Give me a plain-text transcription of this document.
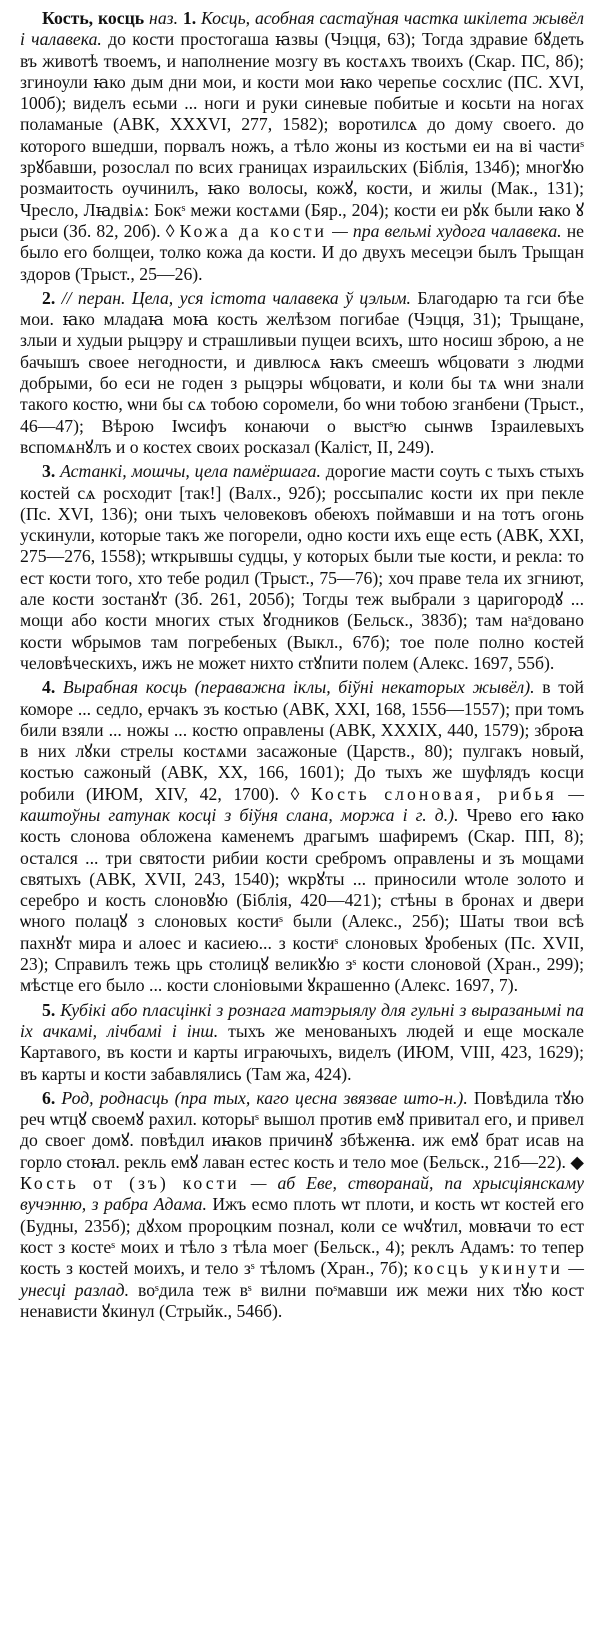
Кость, косць наз. 1. Косць, асобная састаўная частка шкілета жывёл і чалавека. до кости простогаша ꙗзвы (Чэцця, 63); Тогда здравие бꙋдеть въ животѣ твоемъ, и наполнение мозгу въ костѧхъ твоихъ (Скар. ПС, 8б); згиноули ꙗко дым дни мои, и кости мои ꙗко черепье сосхлис (ПС. XVI, 100б); виделъ есьми ... ноги и руки синевые побитые и косьти на ногах поламаные (АВК, XXXVI, 277, 1582); воротилсѧ до дому своего. до которого вшедши, порвалъ ножъ, а тѣло жоны из костьми еи на ві частиˢ зрꙋбавши, розослал по всих границах израильских (Біблія, 134б); многꙋю розмаитость оучинилъ, ꙗко волосы, кожꙋ, кости, и жилы (Мак., 131); Чресло, Лꙗдвіѧ: Бокˢ межи костѧми (Бяр., 204); кости еи рꙋк были ꙗко ꙋ рыси (Зб. 82, 20б). ◊ Кожа да кости — пра вельмі худога чалавека. не было его болщеи, толко кожа да кости. И до двухъ месецэи былъ Трыщан здоров (Трыст., 25—26).

2. // перан. Цела, уся істота чалавека ў цэлым. Благодарю та гси бѣе мои. ꙗко младаꙗ моꙗ кость желѣзом погибае (Чэцця, 31); Трыщане, злыи и худыи рыцэру и страшливыи пущеи всихъ, што носиш зброю, а не бачышъ своее негодности, и дивлюсѧ ꙗкъ смеешъ ѡбцовати з людми добрыми, бо еси не годен з рыцэры ѡбцовати, и коли бы тѧ ѡни знали такого костю, ѡни бы сѧ тобою соромели, бо ѡни тобою зганбени (Трыст., 46—47); Вѣрою Іѡсифъ конаючи о выстˢю сынѡв Ізраилевыхъ вспомѧнꙋлъ и о костех своих росказал (Каліст, II, 249).

3. Астанкі, мошчы, цела памёршага. дорогие масти соуть с тыхъ стыхъ костей сѧ росходит [так!] (Валх., 92б); россыпалис кости их при пекле (Пс. XVI, 136); они тыхъ человековъ обеюхъ поймавши и на тотъ огонь ускинули, которые такъ же погорели, одно кости ихъ еще есть (АВК, XXI, 275—276, 1558); ѡткрывшы судцы, у которых были тые кости, и рекла: то ест кости того, хто тебе родил (Трыст., 75—76); хоч праве тела их згниют, але кости зостанꙋт (Зб. 261, 205б); Тогды теж выбрали з царигородꙋ ... мощи або кости многих стых ꙋгодников (Бельск., 383б); там наˢдовано кости ѡбрымов там погребеных (Выкл., 67б); тое поле полно костей человѣческихъ, ижъ не может нихто стꙋпити полем (Алекс. 1697, 55б).

4. Вырабная косць (пераважна іклы, біўні некаторых жывёл). в той коморе ... седло, ерчакъ зъ костью (АВК, XXI, 168, 1556—1557); при томъ били взяли ... ножы ... костю оправлены (АВК, XXXIX, 440, 1579); зброꙗ в них лꙋки стрелы костѧми засажоные (Царств., 80); пулгакъ новый, костью сажоный (АВК, XX, 166, 1601); До тыхъ же шуфлядъ косци робили (ИЮМ, XIV, 42, 1700). ◊ Кость слоновая, рибья — каштоўны гатунак косці з біўня слана, моржа і г. д.). Чрево его ꙗко кость слонова обложена каменемъ драгымъ шафиремъ (Скар. ПП, 8); остался ... три святости рибии кости сребромъ оправлены и зъ мощами святыхъ (АВК, XVII, 243, 1540); ѡкрꙋты ... приносили ѡтоле золото и серебро и кость слоновꙋю (Біблія, 420—421); стѣны в бронах и двери ѡного полацꙋ з слоновых костиˢ были (Алекс., 25б); Шаты твои всѣ пахнꙋт мира и алоес и касиею... з костиˢ слоновых ꙋробеных (Пс. XVII, 23); Справилъ тежь црь столицꙋ великꙋю зˢ кости слоновой (Хран., 299); мѣстце его было ... кости слоніовыми ꙋкрашенно (Алекс. 1697, 7).

5. Кубікі або пласцінкі з рознага матэрыялу для гульні з выразанымі па іх ачкамі, лічбамі і інш. тыхъ же менованыхъ людей и еще москале Картавого, въ кости и карты играючыхъ, виделъ (ИЮМ, VIII, 423, 1629); въ карты и кости забавлялись (Там жа, 424).

6. Род, роднасць (пра тых, каго цесна звязвае што-н.). Повѣдила тꙋю реч ѡтцꙋ своемꙋ рахил. которыˢ вышол против емꙋ привитал его, и привел до своег домꙋ. повѣдил иꙗков причинꙋ збѣженꙗ. иж емꙋ брат исав на горло стоꙗл. рекль емꙋ лаван естес кость и тело мое (Бельск., 21б—22). ◆ Кость от (зъ) кости — аб Еве, створанай, па хрысціянскаму вучэнню, з рабра Адама. Ижъ есмо плоть ѡт плоти, и кость ѡт костей его (Будны, 235б); дꙋхом пророцким познал, коли се ѡчꙋтил, мовꙗчи то ест кост з костеˢ моих и тѣло з тѣла моег (Бельск., 4); реклъ Адамъ: то тепер кость з костей моихъ, и тело зˢ тѣломъ (Хран., 7б); косць укинути — унесці разлад. воˢдила теж вˢ вилни поˢмавши иж межи них тꙋю кост ненависти ꙋкинул (Стрыйк., 546б).
